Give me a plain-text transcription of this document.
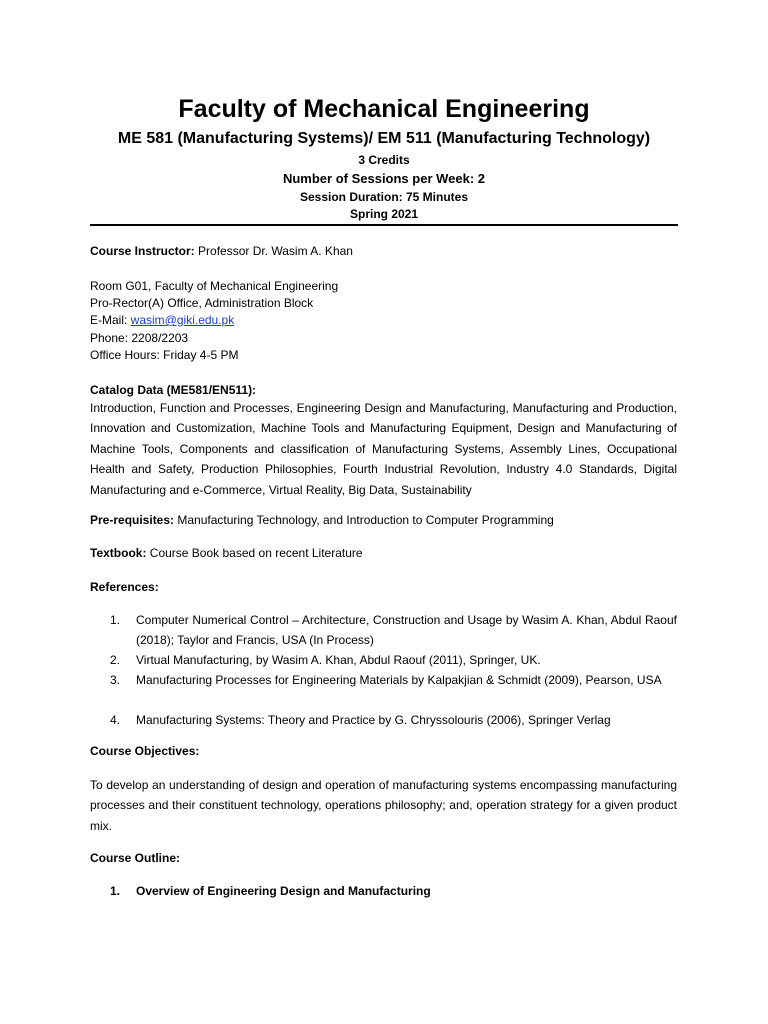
Faculty of Mechanical Engineering
ME 581 (Manufacturing Systems)/ EM 511 (Manufacturing Technology)
3 Credits
Number of Sessions per Week: 2
Session Duration: 75 Minutes
Spring 2021
Course Instructor: Professor Dr. Wasim A. Khan
Room G01, Faculty of Mechanical Engineering
Pro-Rector(A) Office, Administration Block
E-Mail: wasim@giki.edu.pk
Phone: 2208/2203
Office Hours: Friday 4-5 PM
Catalog Data (ME581/EN511):

Introduction, Function and Processes, Engineering Design and Manufacturing, Manufacturing and Production, Innovation and Customization, Machine Tools and Manufacturing Equipment, Design and Manufacturing of Machine Tools, Components and classification of Manufacturing Systems, Assembly Lines, Occupational Health and Safety, Production Philosophies, Fourth Industrial Revolution, Industry 4.0 Standards, Digital Manufacturing and e-Commerce, Virtual Reality, Big Data, Sustainability

Pre-requisites: Manufacturing Technology, and Introduction to Computer Programming
Textbook: Course Book based on recent Literature
References:
1. Computer Numerical Control – Architecture, Construction and Usage by Wasim A. Khan, Abdul Raouf (2018); Taylor and Francis, USA (In Process)

2. Virtual Manufacturing, by Wasim A. Khan, Abdul Raouf (2011), Springer, UK.

3. Manufacturing Processes for Engineering Materials by Kalpakjian & Schmidt (2009), Pearson, USA

4. Manufacturing Systems: Theory and Practice by G. Chryssolouris (2006), Springer Verlag

Course Objectives:

To develop an understanding of design and operation of manufacturing systems encompassing manufacturing processes and their constituent technology, operations philosophy; and, operation strategy for a given product mix.

Course Outline:
1. Overview of Engineering Design and Manufacturing
